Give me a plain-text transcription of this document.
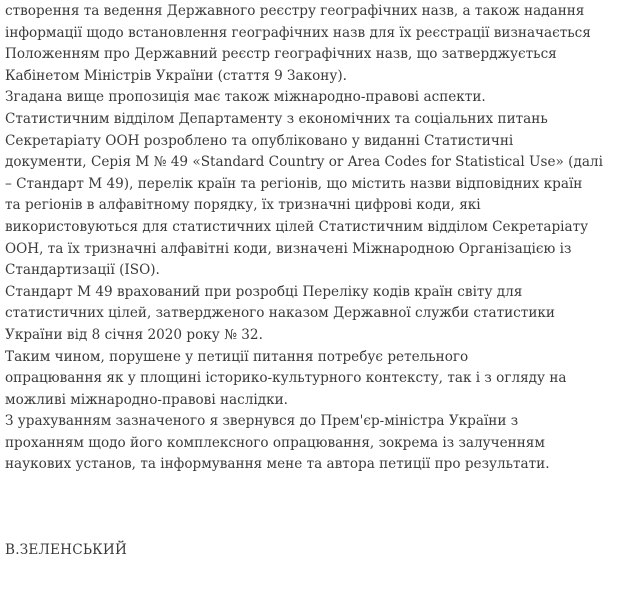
створення та ведення Державного реєстру географічних назв, а також надання
інформації щодо встановлення географічних назв для їх реєстрації визначається
Положенням про Державний реєстр географічних назв, що затверджується
Кабінетом Міністрів України (стаття 9 Закону).
Згадана вище пропозиція має також міжнародно-правові аспекти.
Статистичним відділом Департаменту з економічних та соціальних питань
Секретаріату ООН розроблено та опубліковано у виданні Статистичні
документи, Серія М № 49 «Standard Country or Area Codes for Statistical Use» (далі
– Стандарт М 49), перелік країн та регіонів, що містить назви відповідних країн
та регіонів в алфавітному порядку, їх тризначні цифрові коди, які
використовуються для статистичних цілей Статистичним відділом Секретаріату
ООН, та їх тризначні алфавітні коди, визначені Міжнародною Організацією із
Стандартизації (ISO).
Стандарт М 49 врахований при розробці Переліку кодів країн світу для
статистичних цілей, затвердженого наказом Державної служби статистики
України від 8 січня 2020 року № 32.
Таким чином, порушене у петиції питання потребує ретельного
опрацювання як у площині історико-культурного контексту, так і з огляду на
можливі міжнародно-правові наслідки.
З урахуванням зазначеного я звернувся до Прем'єр-міністра України з
проханням щодо його комплексного опрацювання, зокрема із залученням
наукових установ, та інформування мене та автора петиції про результати.
В.ЗЕЛЕНСЬКИЙ
